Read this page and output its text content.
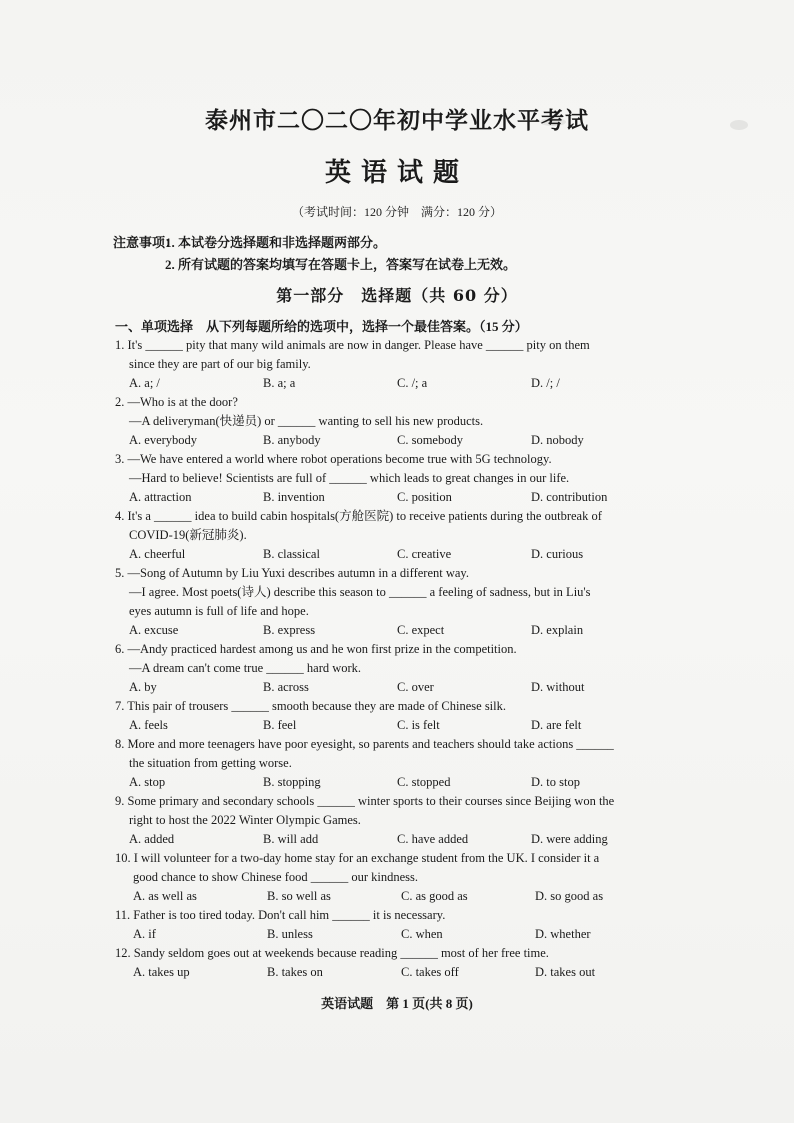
泰州市二〇二〇年初中学业水平考试
英语试题
（考试时间：120 分钟　满分：120 分）
注意事项：1. 本试卷分选择题和非选择题两部分。
2. 所有试题的答案均填写在答题卡上，答案写在试卷上无效。
第一部分　选择题（共 60 分）
一、单项选择　从下列每题所给的选项中，选择一个最佳答案。（15 分）
1. It's ______ pity that many wild animals are now in danger. Please have ______ pity on them
since they are part of our big family.
A. a; /	B. a; a	C. /; a	D. /; /
2. —Who is at the door?
—A deliveryman(快递员) or ______ wanting to sell his new products.
A. everybody	B. anybody	C. somebody	D. nobody
3. —We have entered a world where robot operations become true with 5G technology.
—Hard to believe! Scientists are full of ______ which leads to great changes in our life.
A. attraction	B. invention	C. position	D. contribution
4. It's a ______ idea to build cabin hospitals(方舱医院) to receive patients during the outbreak of
COVID-19(新冠肺炎).
A. cheerful	B. classical	C. creative	D. curious
5. —Song of Autumn by Liu Yuxi describes autumn in a different way.
—I agree. Most poets(诗人) describe this season to ______ a feeling of sadness, but in Liu's
eyes autumn is full of life and hope.
A. excuse	B. express	C. expect	D. explain
6. —Andy practiced hardest among us and he won first prize in the competition.
—A dream can't come true ______ hard work.
A. by	B. across	C. over	D. without
7. This pair of trousers ______ smooth because they are made of Chinese silk.
A. feels	B. feel	C. is felt	D. are felt
8. More and more teenagers have poor eyesight, so parents and teachers should take actions ______
the situation from getting worse.
A. stop	B. stopping	C. stopped	D. to stop
9. Some primary and secondary schools ______ winter sports to their courses since Beijing won the
right to host the 2022 Winter Olympic Games.
A. added	B. will add	C. have added	D. were adding
10. I will volunteer for a two-day home stay for an exchange student from the UK. I consider it a
good chance to show Chinese food ______ our kindness.
A. as well as	B. so well as	C. as good as	D. so good as
11. Father is too tired today. Don't call him ______ it is necessary.
A. if	B. unless	C. when	D. whether
12. Sandy seldom goes out at weekends because reading ______ most of her free time.
A. takes up	B. takes on	C. takes off	D. takes out
英语试题　第 1 页(共 8 页)
